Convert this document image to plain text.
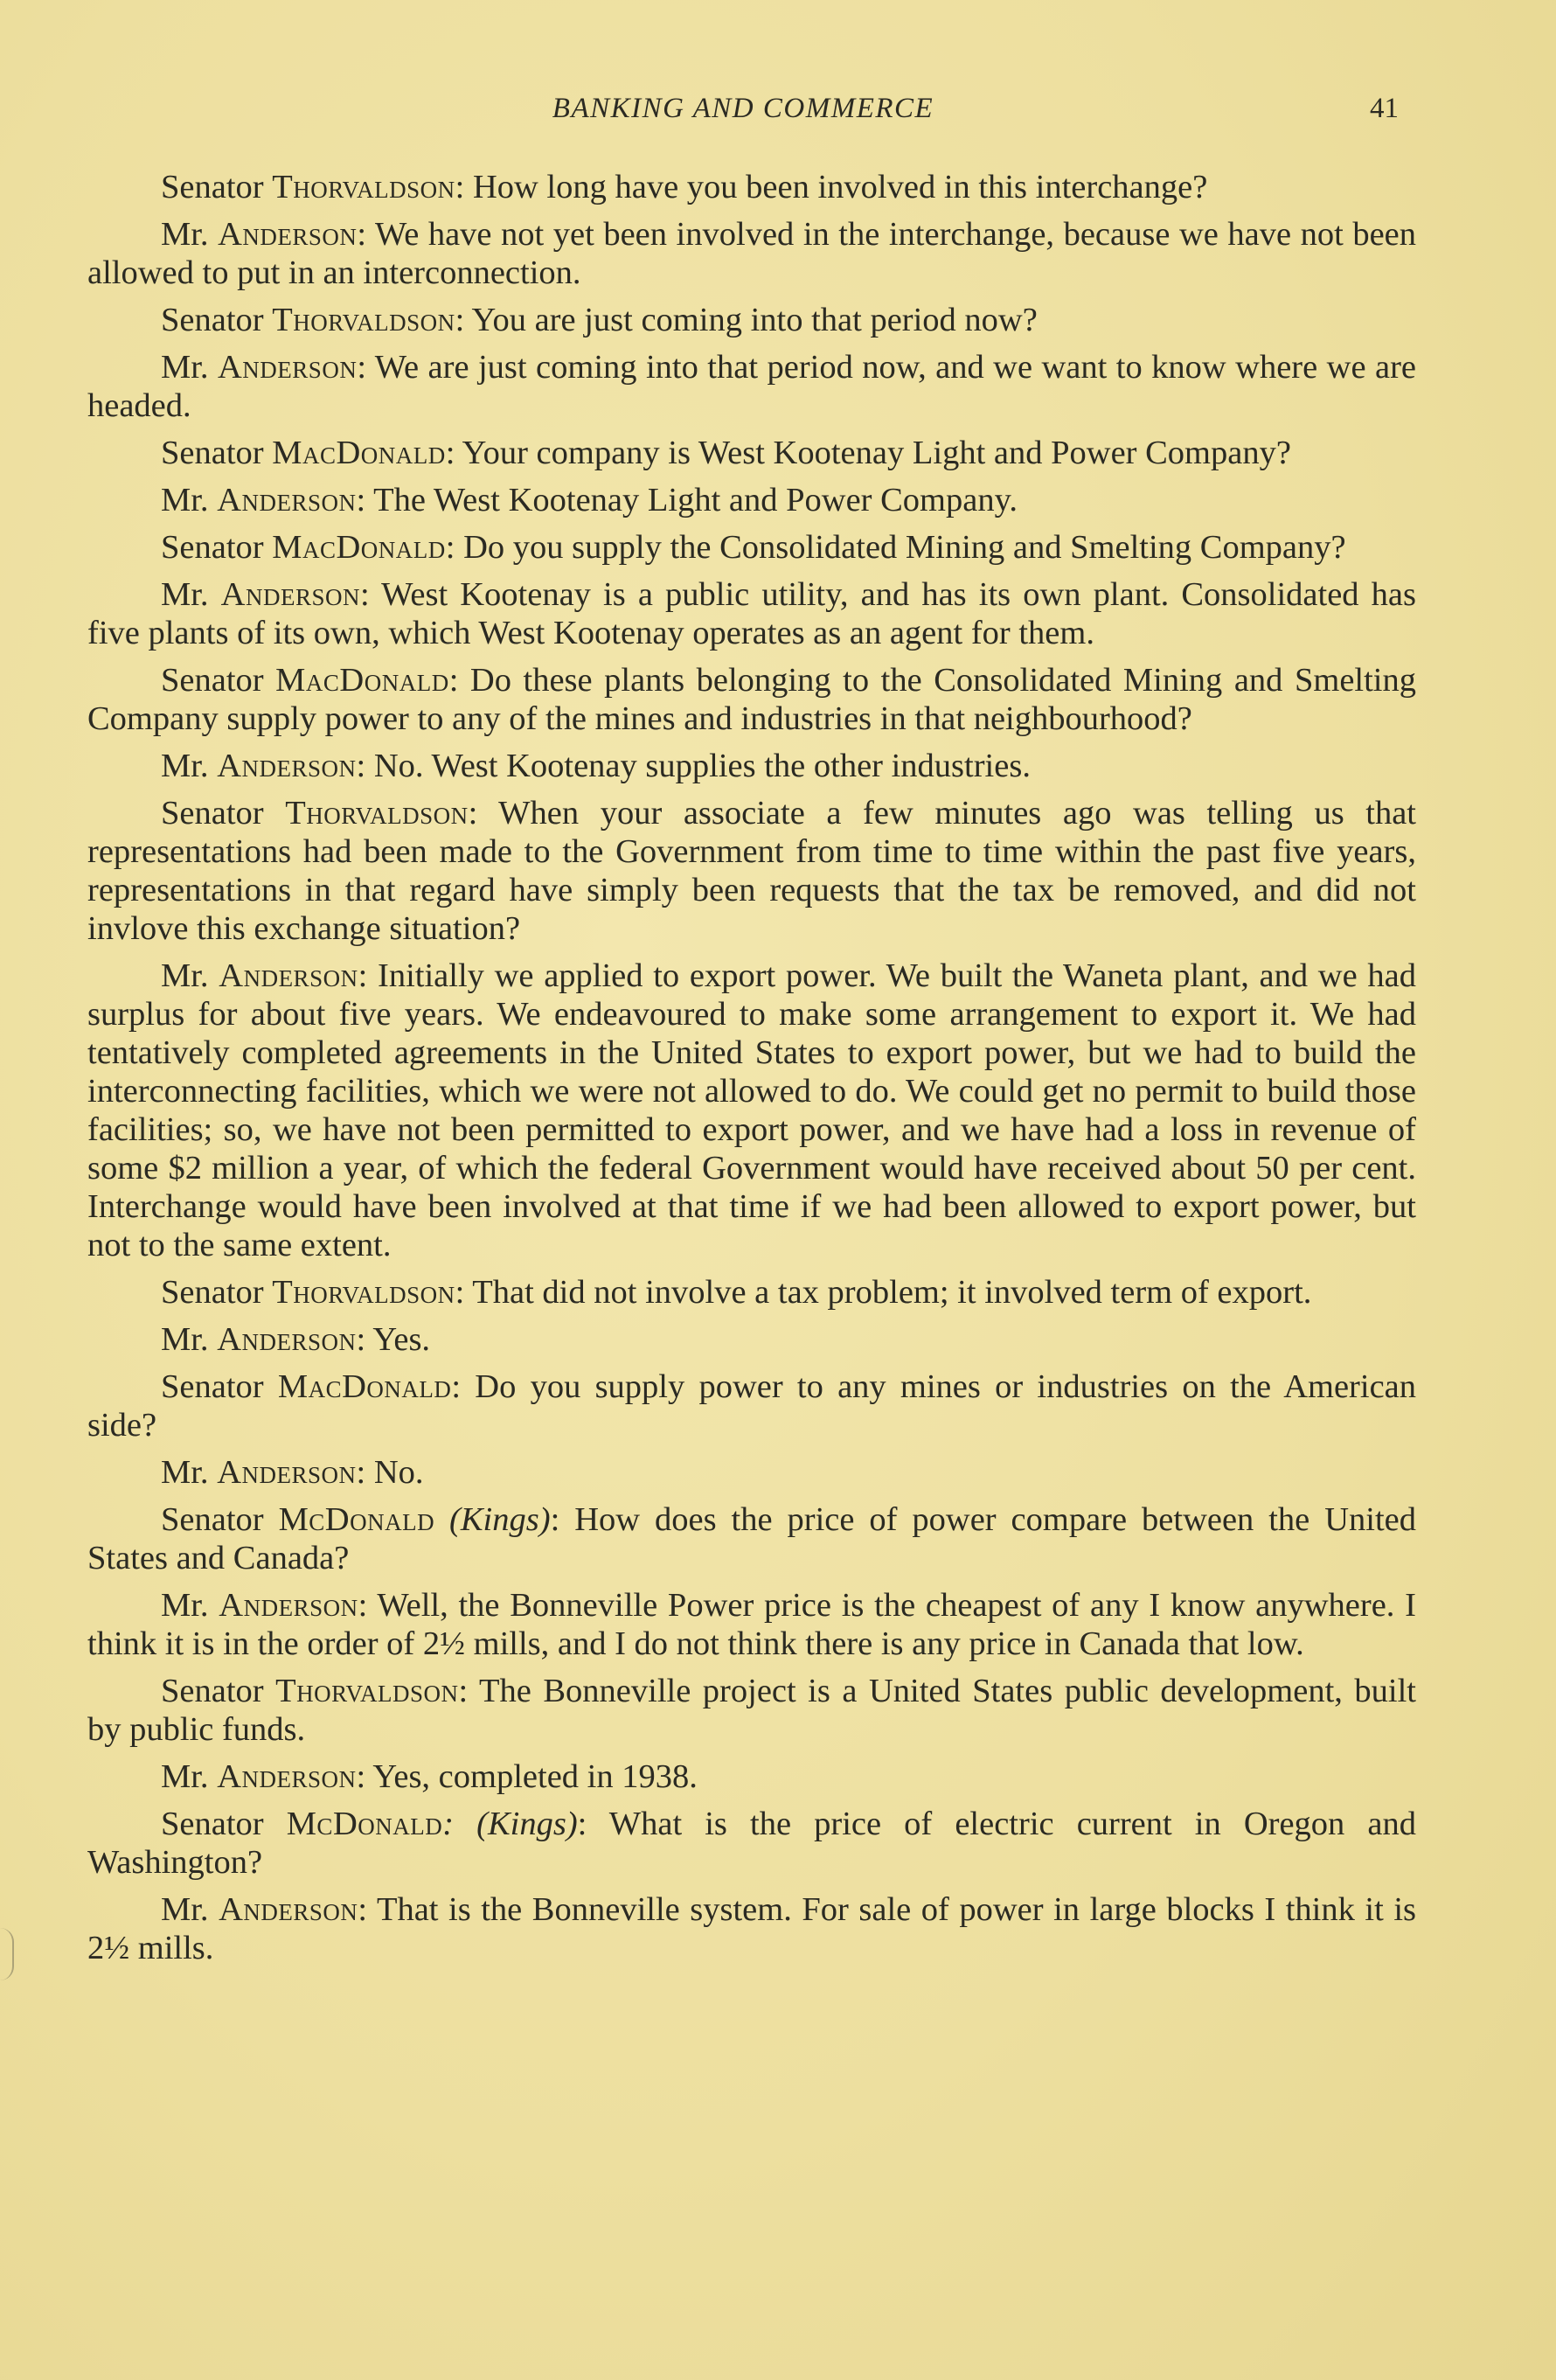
BANKING AND COMMERCE	41

Senator Thorvaldson: How long have you been involved in this interchange?

Mr. Anderson: We have not yet been involved in the interchange, because we have not been allowed to put in an interconnection.

Senator Thorvaldson: You are just coming into that period now?

Mr. Anderson: We are just coming into that period now, and we want to know where we are headed.

Senator MacDonald: Your company is West Kootenay Light and Power Company?

Mr. Anderson: The West Kootenay Light and Power Company.

Senator MacDonald: Do you supply the Consolidated Mining and Smelting Company?

Mr. Anderson: West Kootenay is a public utility, and has its own plant. Consolidated has five plants of its own, which West Kootenay operates as an agent for them.

Senator MacDonald: Do these plants belonging to the Consolidated Mining and Smelting Company supply power to any of the mines and industries in that neighbourhood?

Mr. Anderson: No. West Kootenay supplies the other industries.

Senator Thorvaldson: When your associate a few minutes ago was telling us that representations had been made to the Government from time to time within the past five years, representations in that regard have simply been requests that the tax be removed, and did not invlove this exchange situation?

Mr. Anderson: Initially we applied to export power. We built the Waneta plant, and we had surplus for about five years. We endeavoured to make some arrangement to export it. We had tentatively completed agreements in the United States to export power, but we had to build the interconnecting facilities, which we were not allowed to do. We could get no permit to build those facilities; so, we have not been permitted to export power, and we have had a loss in revenue of some $2 million a year, of which the federal Government would have received about 50 per cent. Interchange would have been involved at that time if we had been allowed to export power, but not to the same extent.

Senator Thorvaldson: That did not involve a tax problem; it involved term of export.

Mr. Anderson: Yes.

Senator MacDonald: Do you supply power to any mines or industries on the American side?

Mr. Anderson: No.

Senator McDonald (Kings): How does the price of power compare between the United States and Canada?

Mr. Anderson: Well, the Bonneville Power price is the cheapest of any I know anywhere. I think it is in the order of 2½ mills, and I do not think there is any price in Canada that low.

Senator Thorvaldson: The Bonneville project is a United States public development, built by public funds.

Mr. Anderson: Yes, completed in 1938.

Senator McDonald: (Kings): What is the price of electric current in Oregon and Washington?

Mr. Anderson: That is the Bonneville system. For sale of power in large blocks I think it is 2½ mills.
